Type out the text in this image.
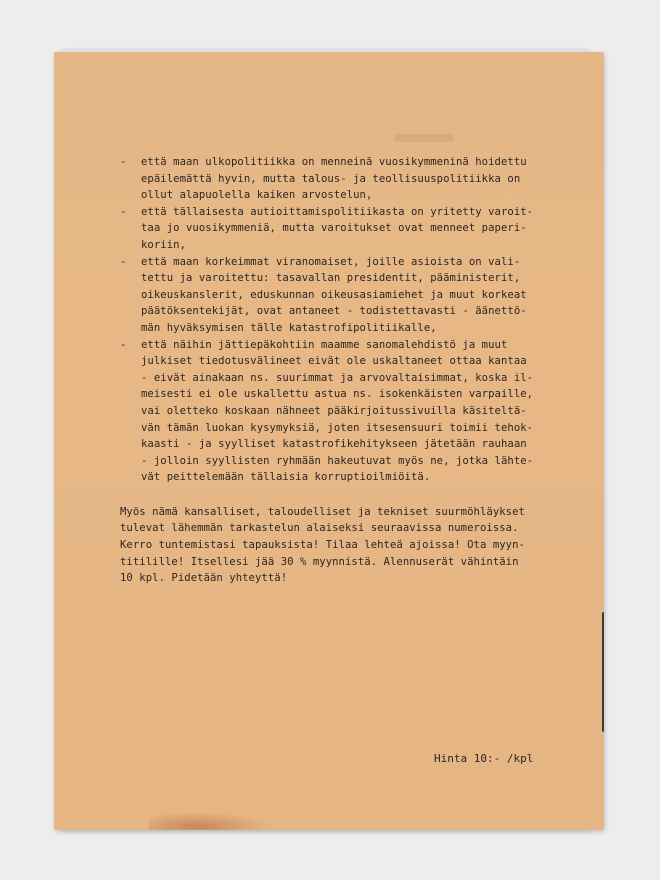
-	että maan ulkopolitiikka on menneinä vuosikymmeninä hoidettu
epäilemättä hyvin, mutta talous- ja teollisuuspolitiikka on
ollut alapuolella kaiken arvostelun,
-	että tällaisesta autioittamispolitiikasta on yritetty varoit-
taa jo vuosikymmeniä, mutta varoitukset ovat menneet paperi-
koriin,
-	että maan korkeimmat viranomaiset, joille asioista on vali-
tettu ja varoitettu: tasavallan presidentit, pääministerit,
oikeuskanslerit, eduskunnan oikeusasiamiehet ja muut korkeat
päätöksentekijät, ovat antaneet - todistettavasti - äänettö-
män hyväksymisen tälle katastrofipolitiikalle,
-	että näihin jättiepäkohtiin maamme sanomalehdistö ja muut
julkiset tiedotusvälineet eivät ole uskaltaneet ottaa kantaa
- eivät ainakaan ns. suurimmat ja arvovaltaisimmat, koska il-
meisesti ei ole uskallettu astua ns. isokenkäisten varpaille,
vai oletteko koskaan nähneet pääkirjoitussivuilla käsiteltä-
vän tämän luokan kysymyksiä, joten itsesensuuri toimii tehok-
kaasti - ja syylliset katastrofikehitykseen jätetään rauhaan
- jolloin syyllisten ryhmään hakeutuvat myös ne, jotka lähte-
vät peittelemään tällaisia korruptioilmiöitä.
Myös nämä kansalliset, taloudelliset ja tekniset suurmöhläykset
tulevat lähemmän tarkastelun alaiseksi seuraavissa numeroissa.
Kerro tuntemistasi tapauksista! Tilaa lehteä ajoissa! Ota myyn-
titilille! Itsellesi jää 30 % myynnistä. Alennuserät vähintäin
10 kpl. Pidetään yhteyttä!
Hinta 10:- /kpl
